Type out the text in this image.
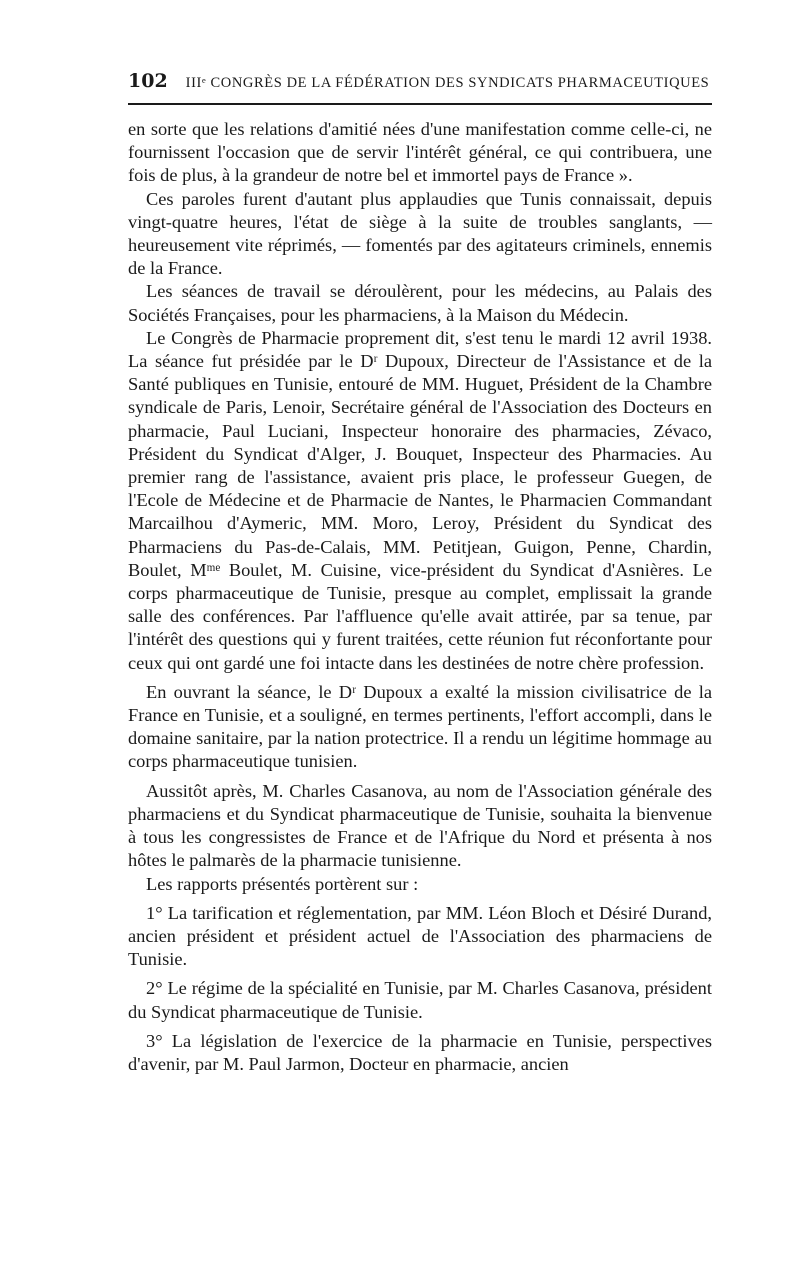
102 IIIᵉ CONGRÈS DE LA FÉDÉRATION DES SYNDICATS PHARMACEUTIQUES

en sorte que les relations d'amitié nées d'une manifestation comme celle-ci, ne fournissent l'occasion que de servir l'intérêt général, ce qui contribuera, une fois de plus, à la grandeur de notre bel et immortel pays de France ».

Ces paroles furent d'autant plus applaudies que Tunis connaissait, depuis vingt-quatre heures, l'état de siège à la suite de troubles sanglants, — heureusement vite réprimés, — fomentés par des agitateurs criminels, ennemis de la France.

Les séances de travail se déroulèrent, pour les médecins, au Palais des Sociétés Françaises, pour les pharmaciens, à la Maison du Médecin.

Le Congrès de Pharmacie proprement dit, s'est tenu le mardi 12 avril 1938. La séance fut présidée par le Dʳ Dupoux, Directeur de l'Assistance et de la Santé publiques en Tunisie, entouré de MM. Huguet, Président de la Chambre syndicale de Paris, Lenoir, Secrétaire général de l'Association des Docteurs en pharmacie, Paul Luciani, Inspecteur honoraire des pharmacies, Zévaco, Président du Syndicat d'Alger, J. Bouquet, Inspecteur des Pharmacies. Au premier rang de l'assistance, avaient pris place, le professeur Guegen, de l'Ecole de Médecine et de Pharmacie de Nantes, le Pharmacien Commandant Marcailhou d'Aymeric, MM. Moro, Leroy, Président du Syndicat des Pharmaciens du Pas-de-Calais, MM. Petitjean, Guigon, Penne, Chardin, Boulet, Mᵐᵉ Boulet, M. Cuisine, vice-président du Syndicat d'Asnières. Le corps pharmaceutique de Tunisie, presque au complet, emplissait la grande salle des conférences. Par l'affluence qu'elle avait attirée, par sa tenue, par l'intérêt des questions qui y furent traitées, cette réunion fut réconfortante pour ceux qui ont gardé une foi intacte dans les destinées de notre chère profession.

En ouvrant la séance, le Dʳ Dupoux a exalté la mission civilisatrice de la France en Tunisie, et a souligné, en termes pertinents, l'effort accompli, dans le domaine sanitaire, par la nation protectrice. Il a rendu un légitime hommage au corps pharmaceutique tunisien.

Aussitôt après, M. Charles Casanova, au nom de l'Association générale des pharmaciens et du Syndicat pharmaceutique de Tunisie, souhaita la bienvenue à tous les congressistes de France et de l'Afrique du Nord et présenta à nos hôtes le palmarès de la pharmacie tunisienne.

Les rapports présentés portèrent sur :

1° La tarification et réglementation, par MM. Léon Bloch et Désiré Durand, ancien président et président actuel de l'Association des pharmaciens de Tunisie.

2° Le régime de la spécialité en Tunisie, par M. Charles Casanova, président du Syndicat pharmaceutique de Tunisie.

3° La législation de l'exercice de la pharmacie en Tunisie, perspectives d'avenir, par M. Paul Jarmon, Docteur en pharmacie, ancien
